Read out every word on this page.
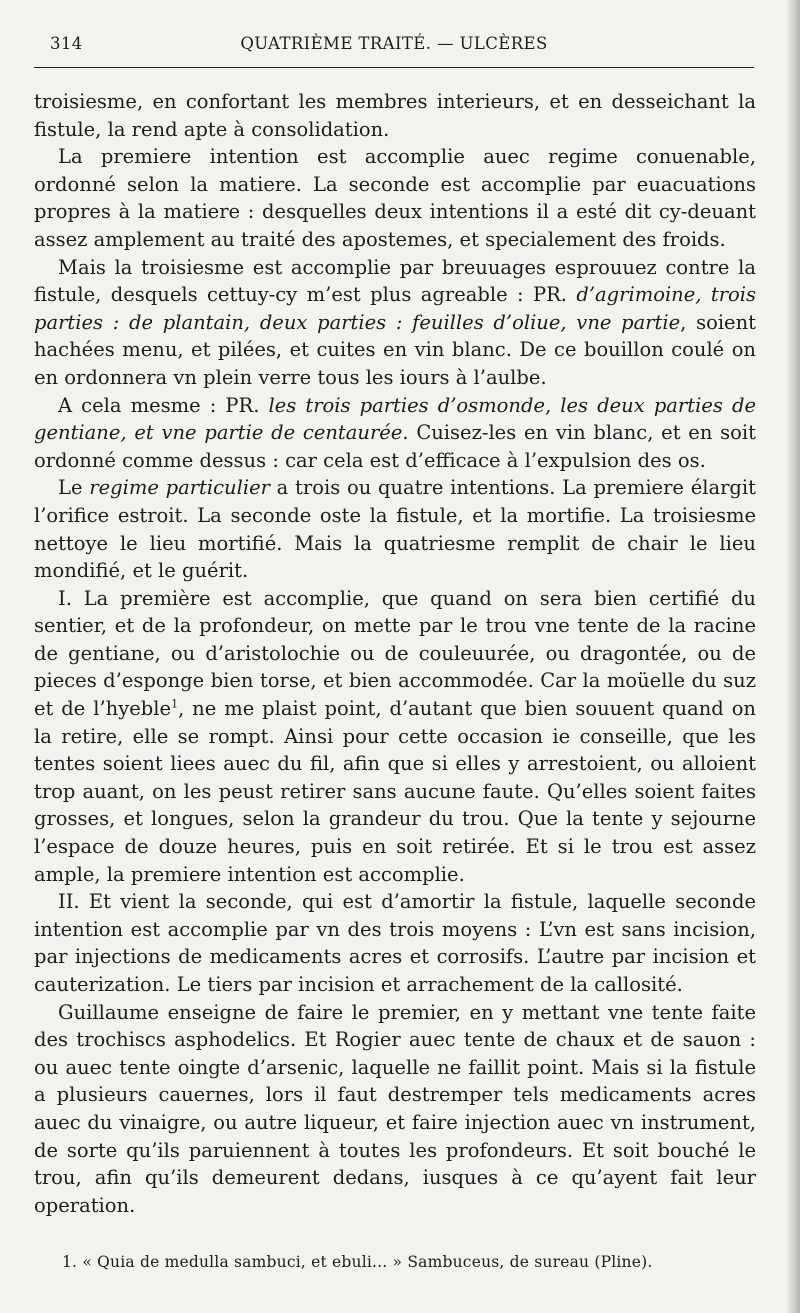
314	QUATRIÈME TRAITÉ. — ULCÈRES

troisiesme, en confortant les membres interieurs, et en desseichant la fistule, la rend apte à consolidation.

La premiere intention est accomplie auec regime conuenable, ordonné selon la matiere. La seconde est accomplie par euacuations propres à la matiere : desquelles deux intentions il a esté dit cy-deuant assez amplement au traité des apostemes, et specialement des froids.

Mais la troisiesme est accomplie par breuuages esprouuez contre la fistule, desquels cettuy-cy m’est plus agreable : PR. d’agrimoine, trois parties : de plantain, deux parties : feuilles d’oliue, vne partie, soient hachées menu, et pilées, et cuites en vin blanc. De ce bouillon coulé on en ordonnera vn plein verre tous les iours à l’aulbe.

A cela mesme : PR. les trois parties d’osmonde, les deux parties de gentiane, et vne partie de centaurée. Cuisez-les en vin blanc, et en soit ordonné comme dessus : car cela est d’efficace à l’expulsion des os.

Le regime particulier a trois ou quatre intentions. La premiere élargit l’orifice estroit. La seconde oste la fistule, et la mortifie. La troisiesme nettoye le lieu mortifié. Mais la quatriesme remplit de chair le lieu mondifié, et le guérit.

I. La première est accomplie, que quand on sera bien certifié du sentier, et de la profondeur, on mette par le trou vne tente de la racine de gentiane, ou d’aristolochie ou de couleuurée, ou dragontée, ou de pieces d’esponge bien torse, et bien accommodée. Car la moüelle du suz et de l’hyeble$^1$, ne me plaist point, d’autant que bien souuent quand on la retire, elle se rompt. Ainsi pour cette occasion ie conseille, que les tentes soient liees auec du fil, afin que si elles y arrestoient, ou alloient trop auant, on les peust retirer sans aucune faute. Qu’elles soient faites grosses, et longues, selon la grandeur du trou. Que la tente y sejourne l’espace de douze heures, puis en soit retirée. Et si le trou est assez ample, la premiere intention est accomplie.

II. Et vient la seconde, qui est d’amortir la fistule, laquelle seconde intention est accomplie par vn des trois moyens : L’vn est sans incision, par injections de medicaments acres et corrosifs. L’autre par incision et cauterization. Le tiers par incision et arrachement de la callosité.

Guillaume enseigne de faire le premier, en y mettant vne tente faite des trochiscs asphodelics. Et Rogier auec tente de chaux et de sauon : ou auec tente oingte d’arsenic, laquelle ne faillit point. Mais si la fistule a plusieurs cauernes, lors il faut destremper tels medicaments acres auec du vinaigre, ou autre liqueur, et faire injection auec vn instrument, de sorte qu’ils paruiennent à toutes les profondeurs. Et soit bouché le trou, afin qu’ils demeurent dedans, iusques à ce qu’ayent fait leur operation.

1. « Quia de medulla sambuci, et ebuli... » Sambuceus, de sureau (Pline).
